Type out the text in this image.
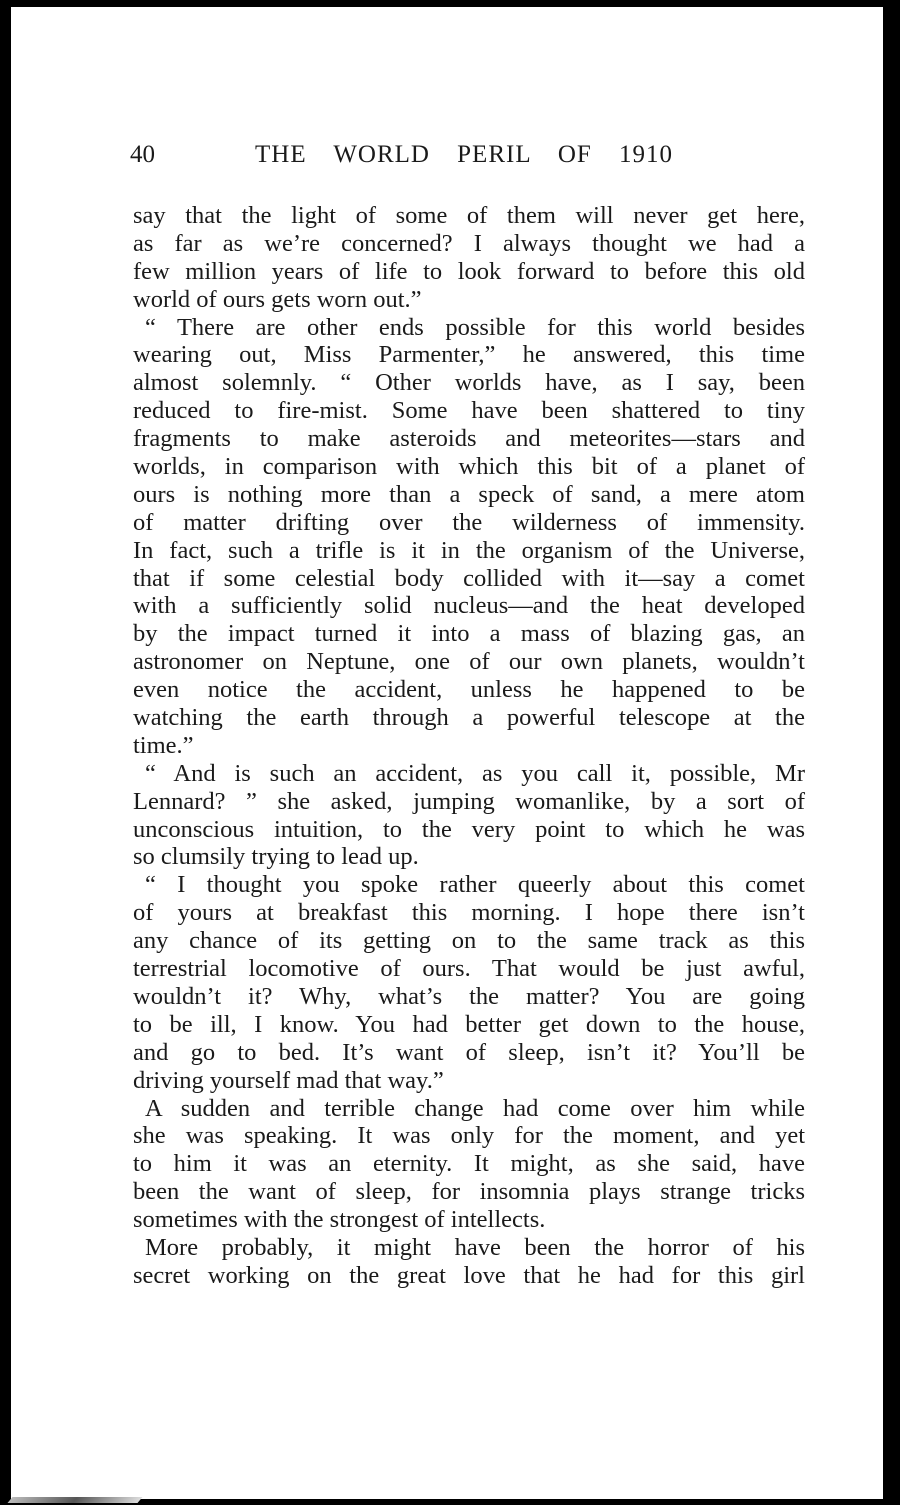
40	THE WORLD PERIL OF 1910
say that the light of some of them will never get here,
as far as we’re concerned? I always thought we had a
few million years of life to look forward to before this old
world of ours gets worn out.”
“ There are other ends possible for this world besides
wearing out, Miss Parmenter,” he answered, this time
almost solemnly. “ Other worlds have, as I say, been
reduced to fire-mist. Some have been shattered to tiny
fragments to make asteroids and meteorites—stars and
worlds, in comparison with which this bit of a planet of
ours is nothing more than a speck of sand, a mere atom
of matter drifting over the wilderness of immensity.
In fact, such a trifle is it in the organism of the Universe,
that if some celestial body collided with it—say a comet
with a sufficiently solid nucleus—and the heat developed
by the impact turned it into a mass of blazing gas, an
astronomer on Neptune, one of our own planets, wouldn’t
even notice the accident, unless he happened to be
watching the earth through a powerful telescope at the
time.”
“ And is such an accident, as you call it, possible, Mr
Lennard? ” she asked, jumping womanlike, by a sort of
unconscious intuition, to the very point to which he was
so clumsily trying to lead up.
“ I thought you spoke rather queerly about this comet
of yours at breakfast this morning. I hope there isn’t
any chance of its getting on to the same track as this
terrestrial locomotive of ours. That would be just awful,
wouldn’t it? Why, what’s the matter? You are going
to be ill, I know. You had better get down to the house,
and go to bed. It’s want of sleep, isn’t it? You’ll be
driving yourself mad that way.”
A sudden and terrible change had come over him while
she was speaking. It was only for the moment, and yet
to him it was an eternity. It might, as she said, have
been the want of sleep, for insomnia plays strange tricks
sometimes with the strongest of intellects.
More probably, it might have been the horror of his
secret working on the great love that he had for this girl
